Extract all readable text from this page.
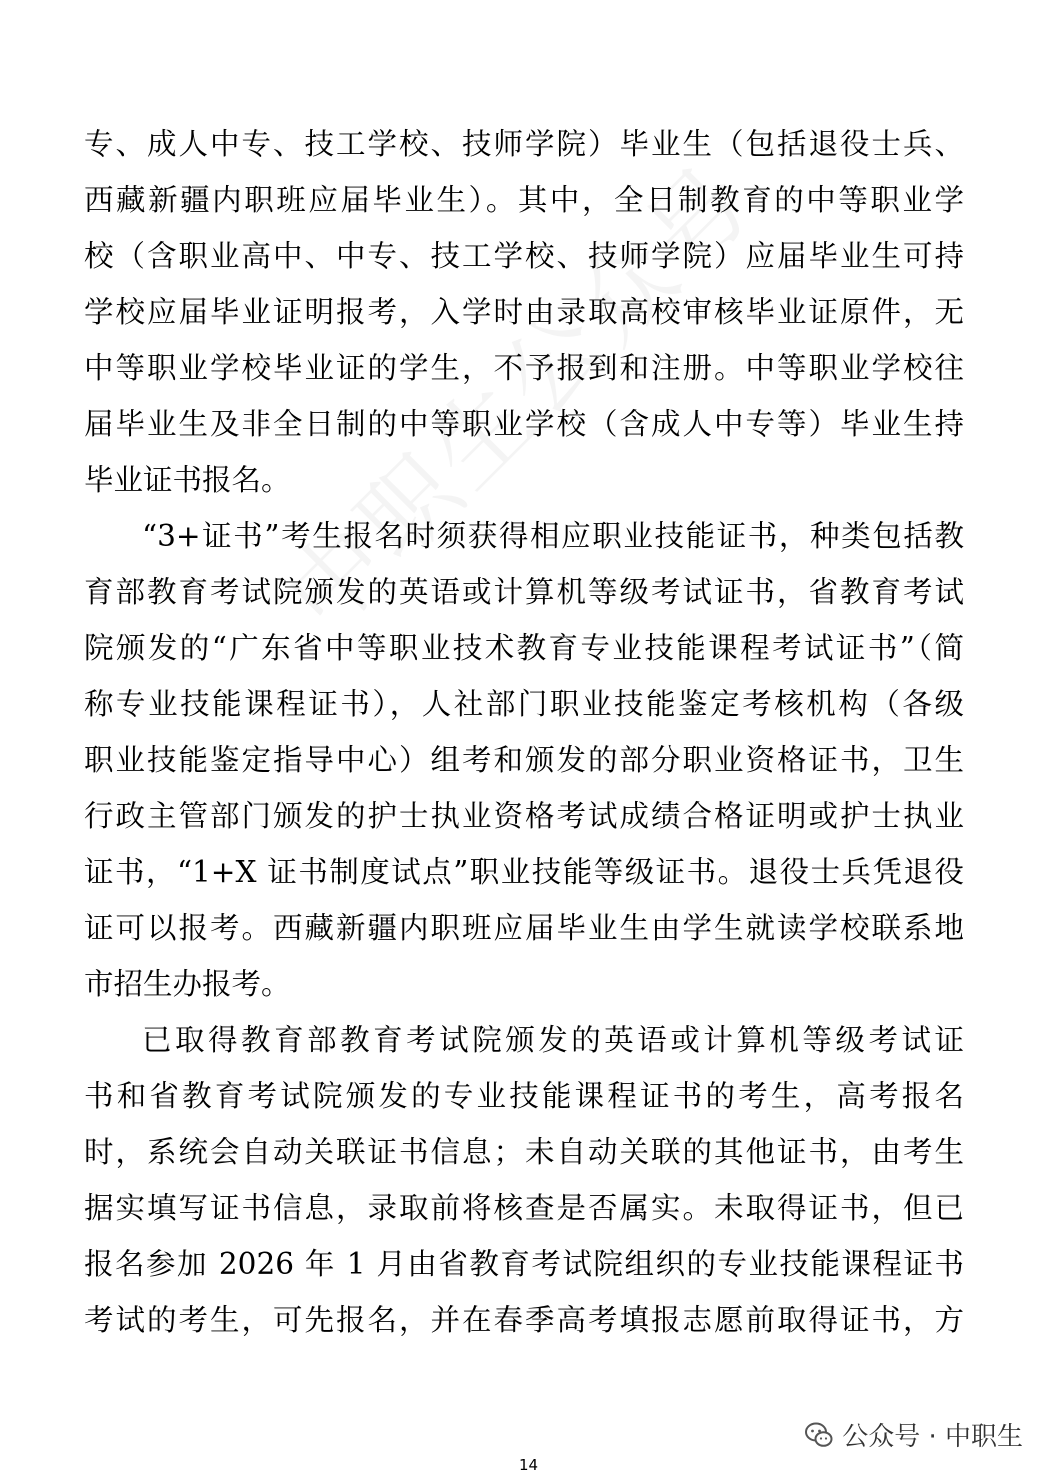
专、成人中专、技工学校、技师学院）毕业生（包括退役士兵、
西藏新疆内职班应届毕业生）。其中，全日制教育的中等职业学
校（含职业高中、中专、技工学校、技师学院）应届毕业生可持
学校应届毕业证明报考，入学时由录取高校审核毕业证原件，无
中等职业学校毕业证的学生，不予报到和注册。中等职业学校往
届毕业生及非全日制的中等职业学校（含成人中专等）毕业生持
毕业证书报名。
“3+证书”考生报名时须获得相应职业技能证书，种类包括教
育部教育考试院颁发的英语或计算机等级考试证书，省教育考试
院颁发的“广东省中等职业技术教育专业技能课程考试证书”（简
称专业技能课程证书），人社部门职业技能鉴定考核机构（各级
职业技能鉴定指导中心）组考和颁发的部分职业资格证书，卫生
行政主管部门颁发的护士执业资格考试成绩合格证明或护士执业
证书，“1+X 证书制度试点”职业技能等级证书。退役士兵凭退役
证可以报考。西藏新疆内职班应届毕业生由学生就读学校联系地
市招生办报考。
已取得教育部教育考试院颁发的英语或计算机等级考试证
书和省教育考试院颁发的专业技能课程证书的考生，高考报名
时，系统会自动关联证书信息；未自动关联的其他证书，由考生
据实填写证书信息，录取前将核查是否属实。未取得证书，但已
报名参加 2026 年 1 月由省教育考试院组织的专业技能课程证书
考试的考生，可先报名，并在春季高考填报志愿前取得证书，方
公众号 · 中职生
14
